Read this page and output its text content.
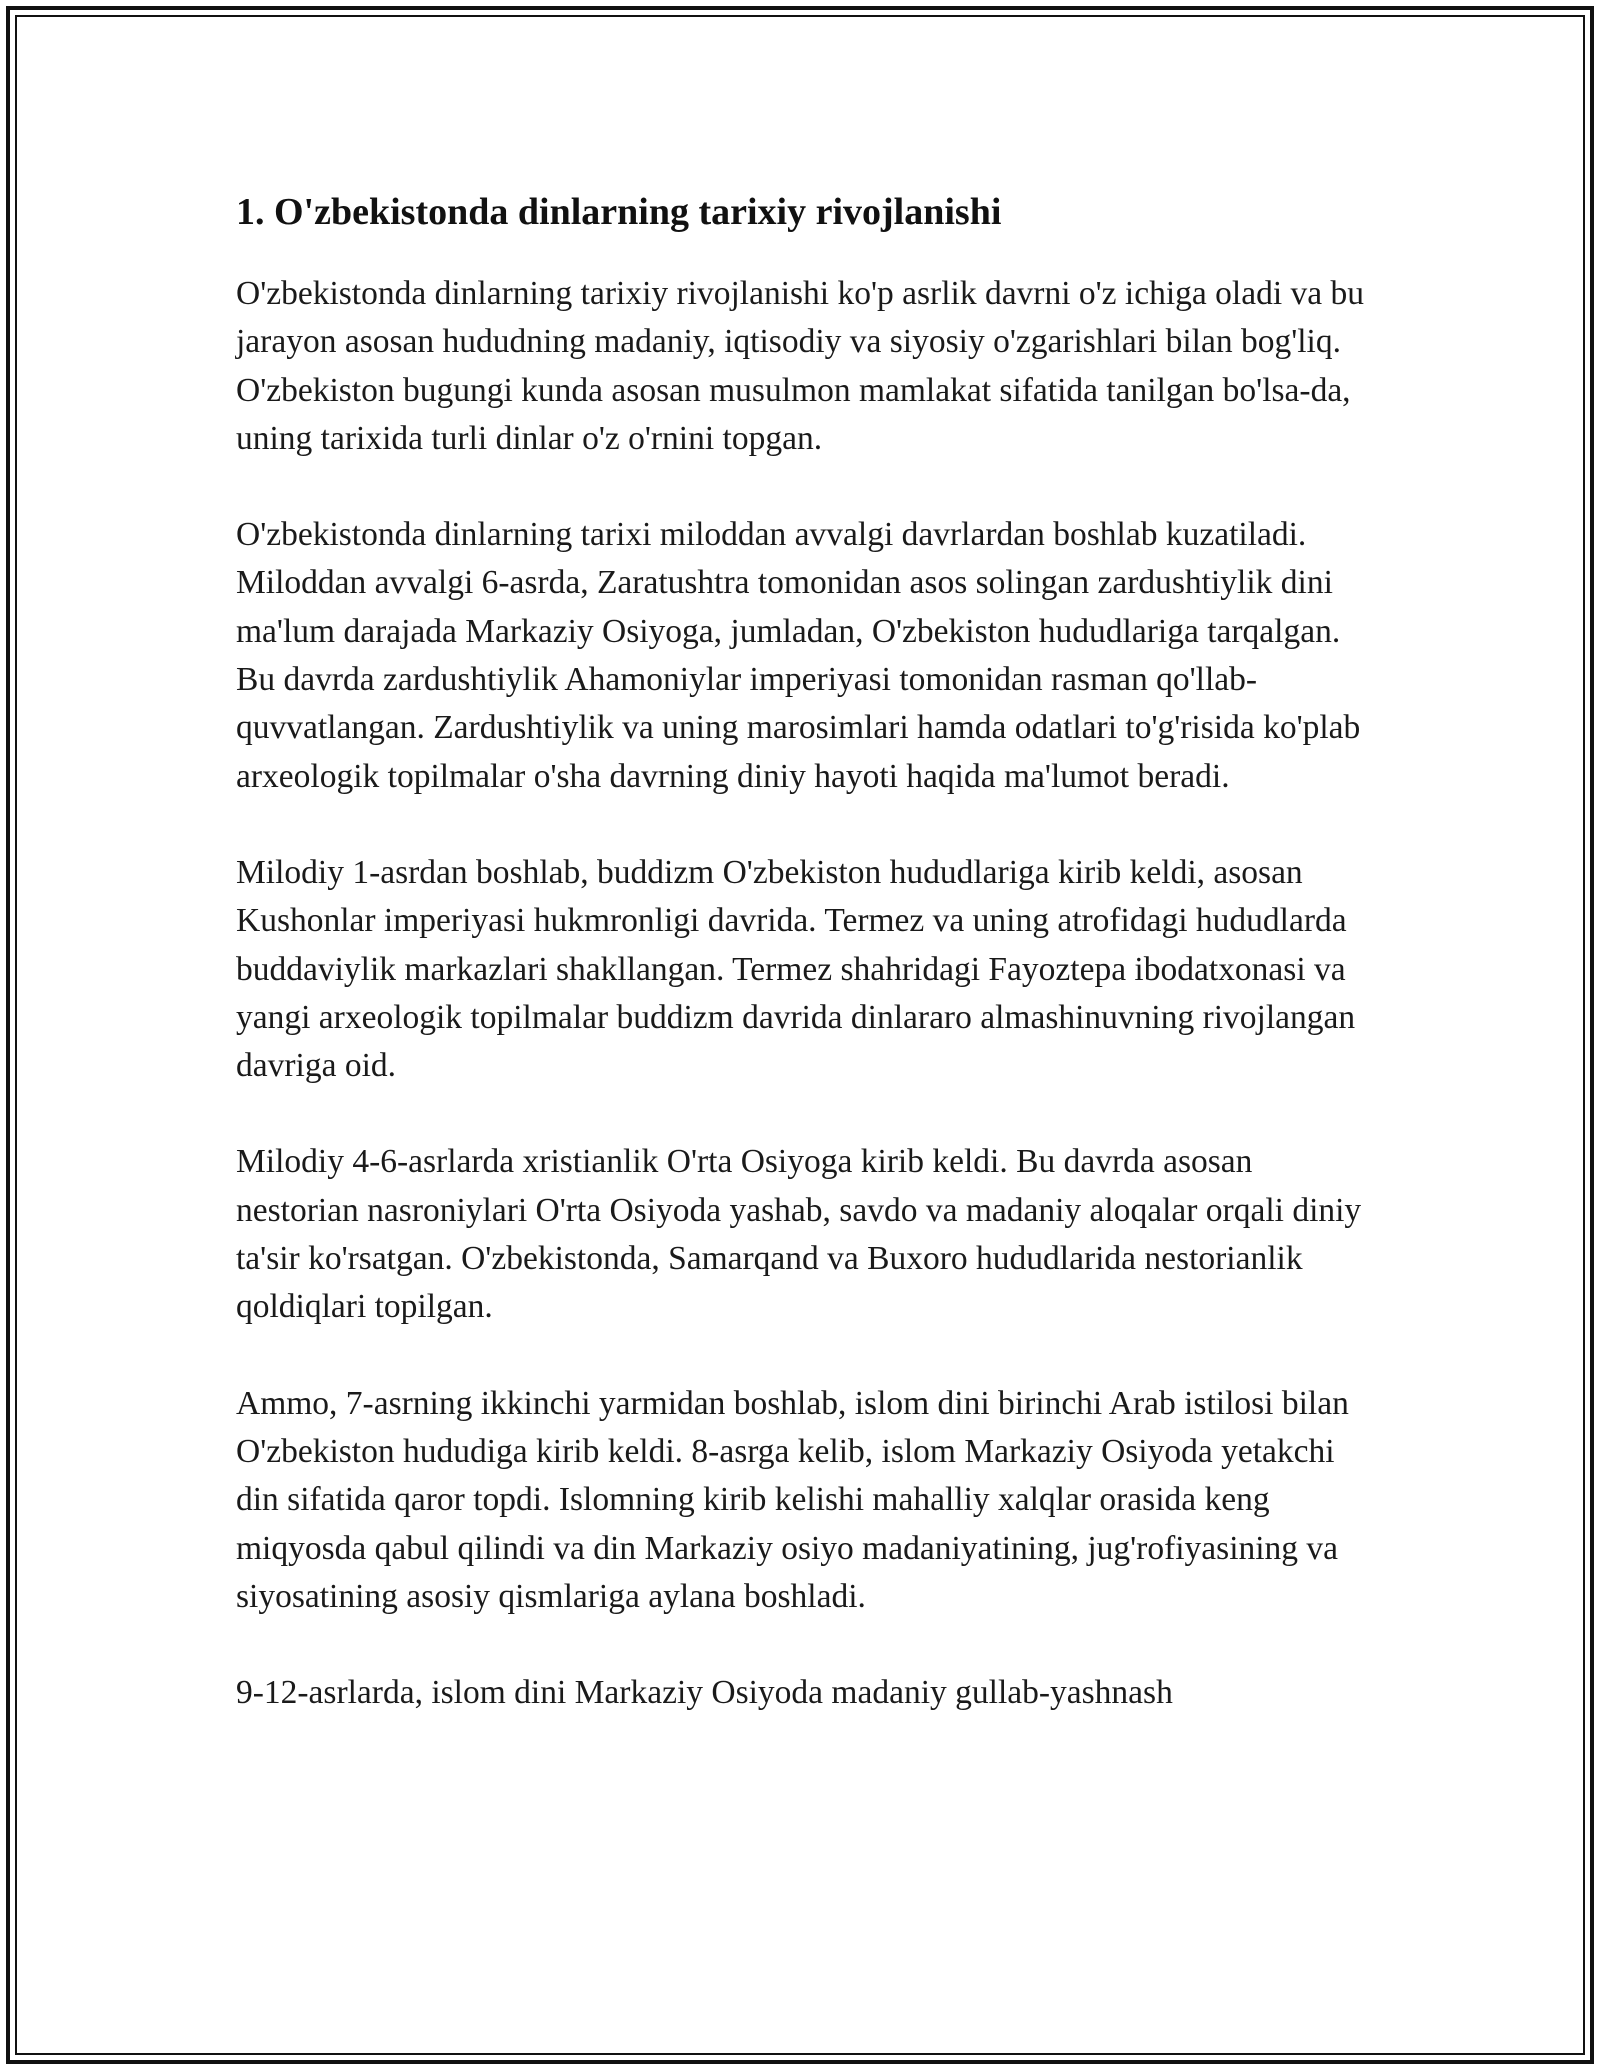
1. O'zbekistonda dinlarning tarixiy rivojlanishi

O'zbekistonda dinlarning tarixiy rivojlanishi ko'p asrlik davrni o'z ichiga oladi va bu jarayon asosan hududning madaniy, iqtisodiy va siyosiy o'zgarishlari bilan bog'liq. O'zbekiston bugungi kunda asosan musulmon mamlakat sifatida tanilgan bo'lsa-da, uning tarixida turli dinlar o'z o'rnini topgan.

O'zbekistonda dinlarning tarixi miloddan avvalgi davrlardan boshlab kuzatiladi. Miloddan avvalgi 6-asrda, Zaratushtra tomonidan asos solingan zardushtiylik dini ma'lum darajada Markaziy Osiyoga, jumladan, O'zbekiston hududlariga tarqalgan. Bu davrda zardushtiylik Ahamoniylar imperiyasi tomonidan rasman qo'llab-quvvatlangan. Zardushtiylik va uning marosimlari hamda odatlari to'g'risida ko'plab arxeologik topilmalar o'sha davrning diniy hayoti haqida ma'lumot beradi.

Milodiy 1-asrdan boshlab, buddizm O'zbekiston hududlariga kirib keldi, asosan Kushonlar imperiyasi hukmronligi davrida. Termez va uning atrofidagi hududlarda buddaviylik markazlari shakllangan. Termez shahridagi Fayoztepa ibodatxonasi va yangi arxeologik topilmalar buddizm davrida dinlararo almashinuvning rivojlangan davriga oid.

Milodiy 4-6-asrlarda xristianlik O'rta Osiyoga kirib keldi. Bu davrda asosan nestorian nasroniylari O'rta Osiyoda yashab, savdo va madaniy aloqalar orqali diniy ta'sir ko'rsatgan. O'zbekistonda, Samarqand va Buxoro hududlarida nestorianlik qoldiqlari topilgan.

Ammo, 7-asrning ikkinchi yarmidan boshlab, islom dini birinchi Arab istilosi bilan O'zbekiston hududiga kirib keldi. 8-asrga kelib, islom Markaziy Osiyoda yetakchi din sifatida qaror topdi. Islomning kirib kelishi mahalliy xalqlar orasida keng miqyosda qabul qilindi va din Markaziy osiyo madaniyatining, jug'rofiyasining va siyosatining asosiy qismlariga aylana boshladi.

9-12-asrlarda, islom dini Markaziy Osiyoda madaniy gullab-yashnash
